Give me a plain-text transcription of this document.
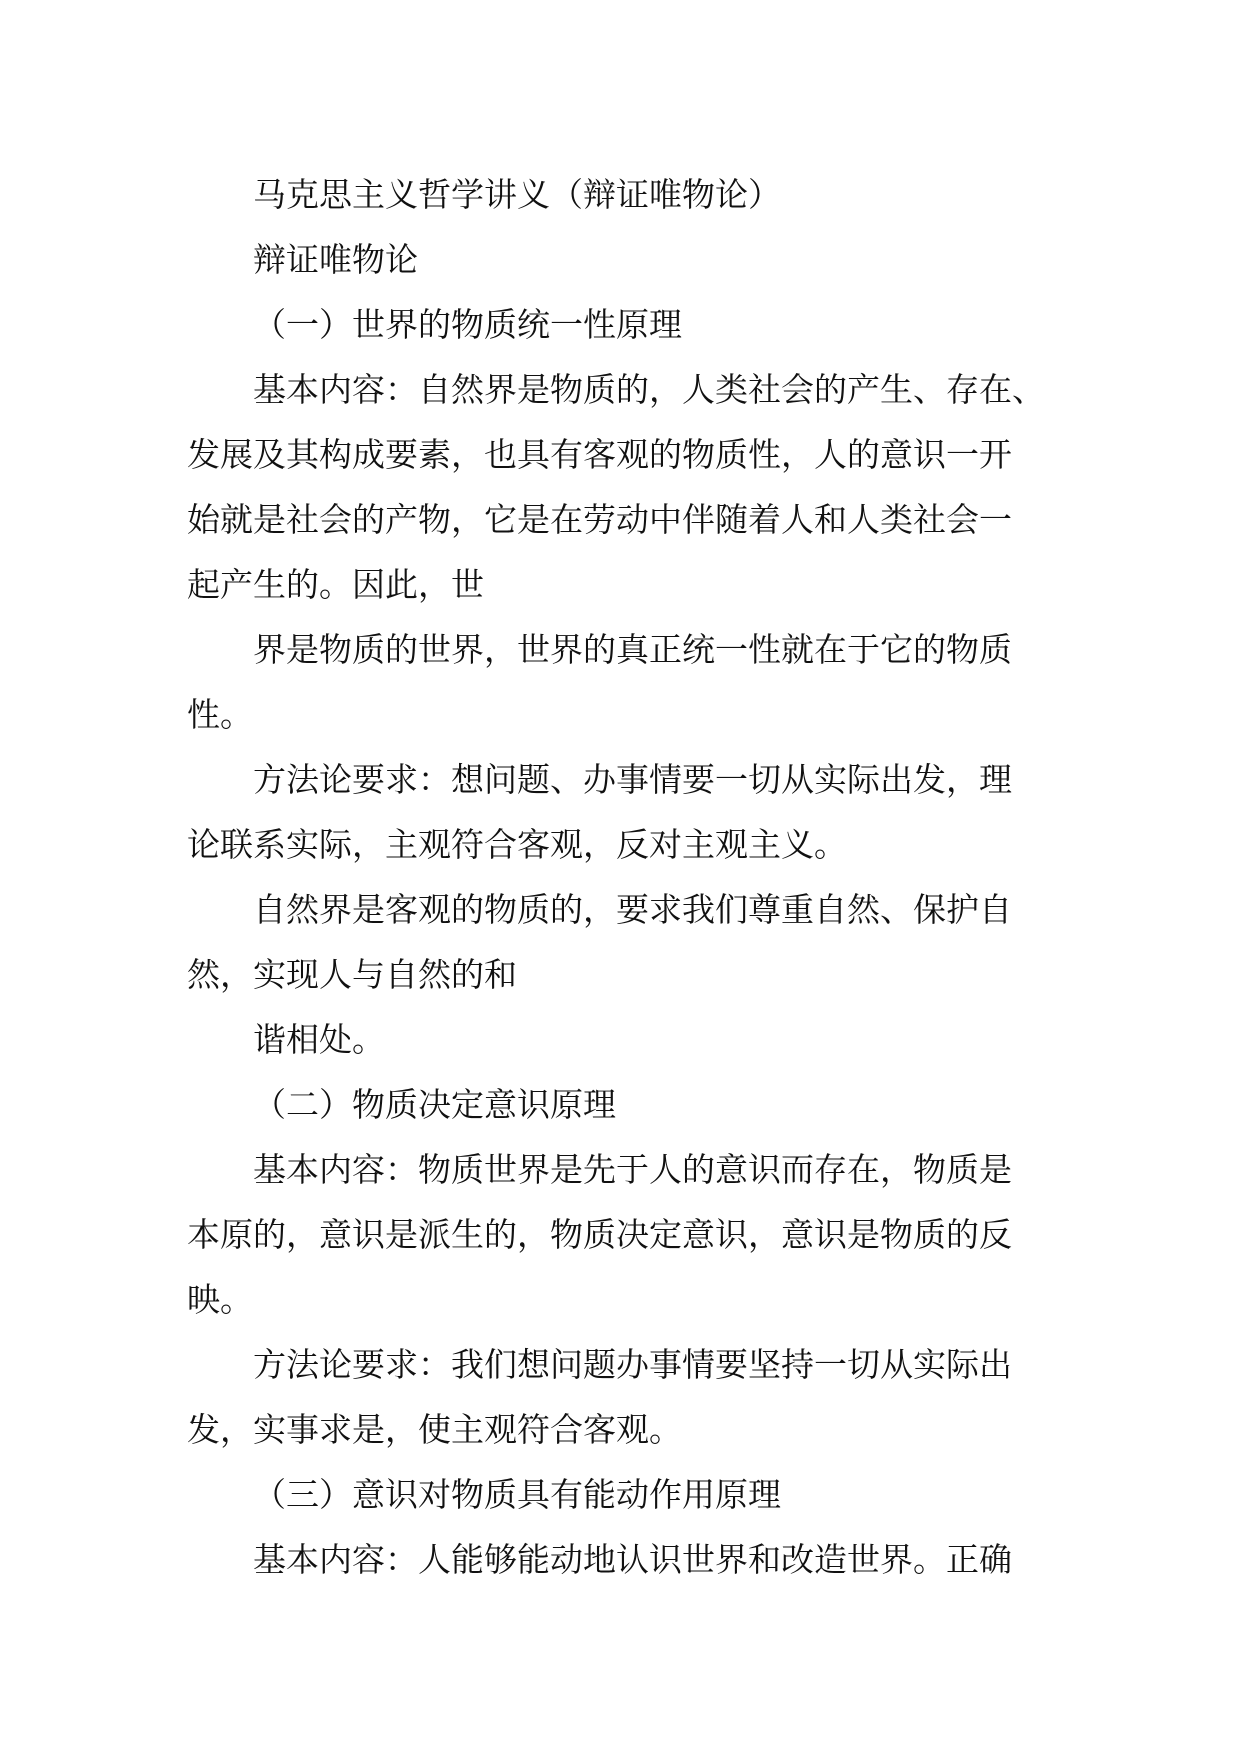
马克思主义哲学讲义（辩证唯物论）
辩证唯物论
（一）世界的物质统一性原理
基本内容：自然界是物质的，人类社会的产生、存在、
发展及其构成要素，也具有客观的物质性，人的意识一开
始就是社会的产物，它是在劳动中伴随着人和人类社会一
起产生的。因此，世
界是物质的世界，世界的真正统一性就在于它的物质
性。
方法论要求：想问题、办事情要一切从实际出发，理
论联系实际，主观符合客观，反对主观主义。
自然界是客观的物质的，要求我们尊重自然、保护自
然，实现人与自然的和
谐相处。
（二）物质决定意识原理
基本内容：物质世界是先于人的意识而存在，物质是
本原的，意识是派生的，物质决定意识，意识是物质的反
映。
方法论要求：我们想问题办事情要坚持一切从实际出
发，实事求是，使主观符合客观。
（三）意识对物质具有能动作用原理
基本内容：人能够能动地认识世界和改造世界。正确
